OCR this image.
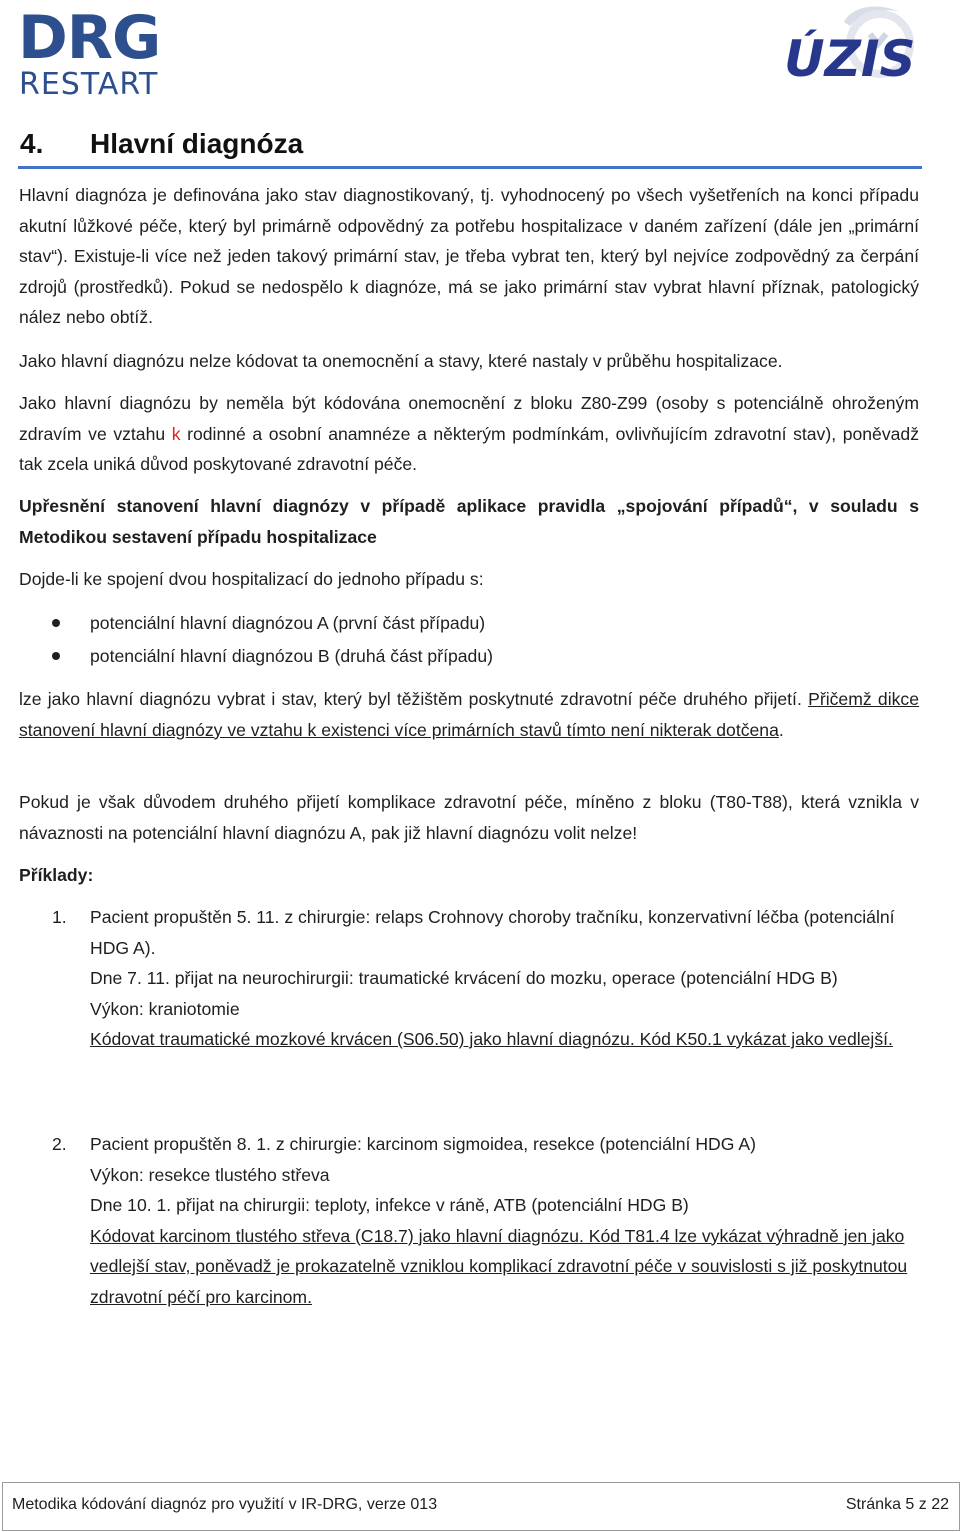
DRG
RESTART	ÚZIS
4. Hlavní diagnóza
Hlavní diagnóza je definována jako stav diagnostikovaný, tj. vyhodnocený po všech vyšetřeních na konci případu akutní lůžkové péče, který byl primárně odpovědný za potřebu hospitalizace v daném zařízení (dále jen „primární stav“). Existuje-li více než jeden takový primární stav, je třeba vybrat ten, který byl nejvíce zodpovědný za čerpání zdrojů (prostředků). Pokud se nedospělo k diagnóze, má se jako primární stav vybrat hlavní příznak, patologický nález nebo obtíž.
Jako hlavní diagnózu nelze kódovat ta onemocnění a stavy, které nastaly v průběhu hospitalizace.
Jako hlavní diagnózu by neměla být kódována onemocnění z bloku Z80-Z99 (osoby s potenciálně ohroženým zdravím ve vztahu k rodinné a osobní anamnéze a některým podmínkám, ovlivňujícím zdravotní stav), poněvadž tak zcela uniká důvod poskytované zdravotní péče.
Upřesnění stanovení hlavní diagnózy v případě aplikace pravidla „spojování případů“, v souladu s Metodikou sestavení případu hospitalizace
Dojde-li ke spojení dvou hospitalizací do jednoho případu s:
potenciální hlavní diagnózou A (první část případu)
potenciální hlavní diagnózou B (druhá část případu)
lze jako hlavní diagnózu vybrat i stav, který byl těžištěm poskytnuté zdravotní péče druhého přijetí. Přičemž dikce stanovení hlavní diagnózy ve vztahu k existenci více primárních stavů tímto není nikterak dotčena.
Pokud je však důvodem druhého přijetí komplikace zdravotní péče, míněno z bloku (T80-T88), která vznikla v návaznosti na potenciální hlavní diagnózu A, pak již hlavní diagnózu volit nelze!
Příklady:
1. Pacient propuštěn 5. 11. z chirurgie: relaps Crohnovy choroby tračníku, konzervativní léčba (potenciální HDG A).
Dne 7. 11. přijat na neurochirurgii: traumatické krvácení do mozku, operace (potenciální HDG B)
Výkon: kraniotomie
Kódovat traumatické mozkové krvácen (S06.50) jako hlavní diagnózu. Kód K50.1 vykázat jako vedlejší.
2. Pacient propuštěn 8. 1. z chirurgie: karcinom sigmoidea, resekce (potenciální HDG A)
Výkon: resekce tlustého střeva
Dne 10. 1. přijat na chirurgii: teploty, infekce v ráně, ATB (potenciální HDG B)
Kódovat karcinom tlustého střeva (C18.7) jako hlavní diagnózu. Kód T81.4 lze vykázat výhradně jen jako vedlejší stav, poněvadž je prokazatelně vzniklou komplikací zdravotní péče v souvislosti s již poskytnutou zdravotní péčí pro karcinom.
Metodika kódování diagnóz pro využití v IR-DRG, verze 013	Stránka 5 z 22
